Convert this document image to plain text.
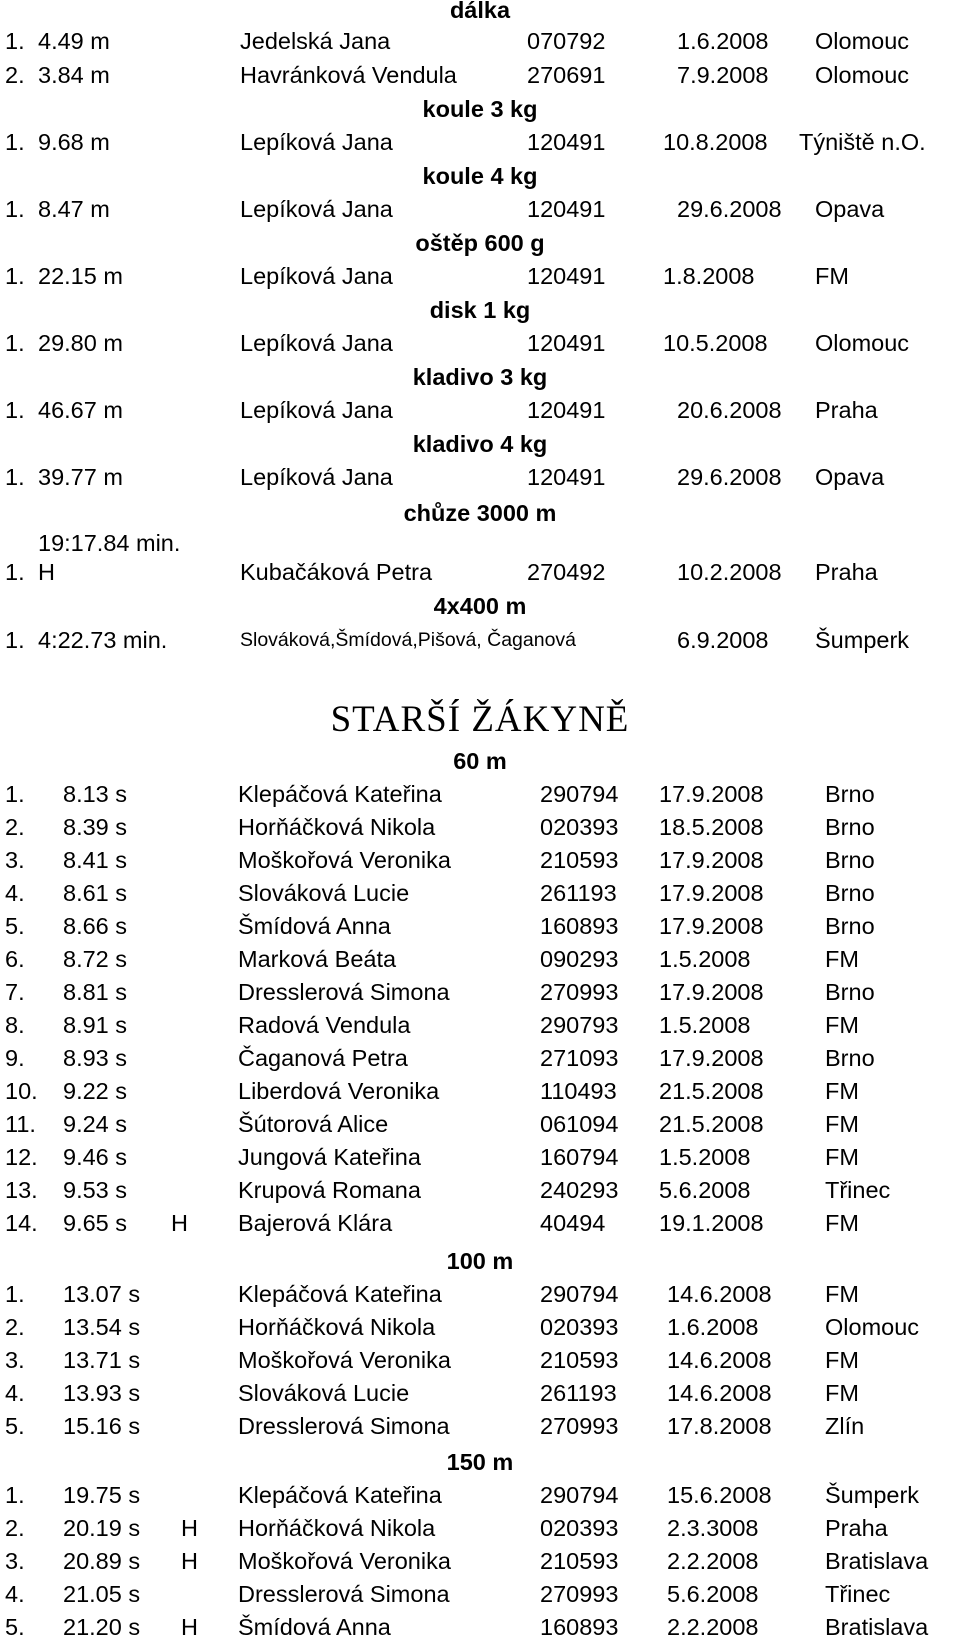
dálka
1. 4.49 m	Jedelská Jana	070792	1.6.2008 Olomouc
2. 3.84 m	Havránková Vendula	270691	7.9.2008 Olomouc
koule 3 kg
1. 9.68 m	Lepíková Jana	120491 10.8.2008 Týniště n.O.
koule 4 kg
1. 8.47 m	Lepíková Jana	120491	29.6.2008 Opava
oštěp 600 g
1. 22.15 m	Lepíková Jana	120491 1.8.2008	FM
disk 1 kg
1. 29.80 m	Lepíková Jana	120491 10.5.2008 Olomouc
kladivo 3 kg
1. 46.67 m	Lepíková Jana	120491	20.6.2008 Praha
kladivo 4 kg
1. 39.77 m	Lepíková Jana	120491	29.6.2008 Opava
chůze 3000 m
19:17.84 min.
1. H	Kubačáková Petra	270492	10.2.2008 Praha
4x400 m
1. 4:22.73 min.	Slováková,Šmídová,Pišová, Čaganová	6.9.2008 Šumperk
STARŠÍ ŽÁKYNĚ
60 m
1. 8.13 s	Klepáčová Kateřina	290794 17.9.2008	Brno
2. 8.39 s	Horňáčková Nikola	020393 18.5.2008	Brno
3. 8.41 s	Moškořová Veronika	210593 17.9.2008	Brno
4. 8.61 s	Slováková Lucie	261193 17.9.2008	Brno
5. 8.66 s	Šmídová Anna	160893 17.9.2008	Brno
6. 8.72 s	Marková Beáta	090293 1.5.2008	FM
7. 8.81 s	Dresslerová Simona	270993 17.9.2008	Brno
8. 8.91 s	Radová Vendula	290793 1.5.2008	FM
9. 8.93 s	Čaganová Petra	271093 17.9.2008	Brno
10. 9.22 s	Liberdová Veronika	110493 21.5.2008	FM
11. 9.24 s	Šútorová Alice	061094 21.5.2008	FM
12. 9.46 s	Jungová Kateřina	160794 1.5.2008	FM
13. 9.53 s	Krupová Romana	240293 5.6.2008	Třinec
14. 9.65 s H Bajerová Klára	40494 19.1.2008	FM
100 m
1. 13.07 s	Klepáčová Kateřina	290794 14.6.2008 FM
2. 13.54 s	Horňáčková Nikola	020393 1.6.2008	Olomouc
3. 13.71 s	Moškořová Veronika	210593 14.6.2008 FM
4. 13.93 s	Slováková Lucie	261193 14.6.2008 FM
5. 15.16 s	Dresslerová Simona	270993 17.8.2008 Zlín
150 m
1. 19.75 s	Klepáčová Kateřina	290794 15.6.2008 Šumperk
2. 20.19 s H Horňáčková Nikola	020393 2.3.3008	Praha
3. 20.89 s H Moškořová Veronika	210593 2.2.2008	Bratislava
4. 21.05 s	Dresslerová Simona	270993 5.6.2008	Třinec
5. 21.20 s H Šmídová Anna	160893 2.2.2008	Bratislava
